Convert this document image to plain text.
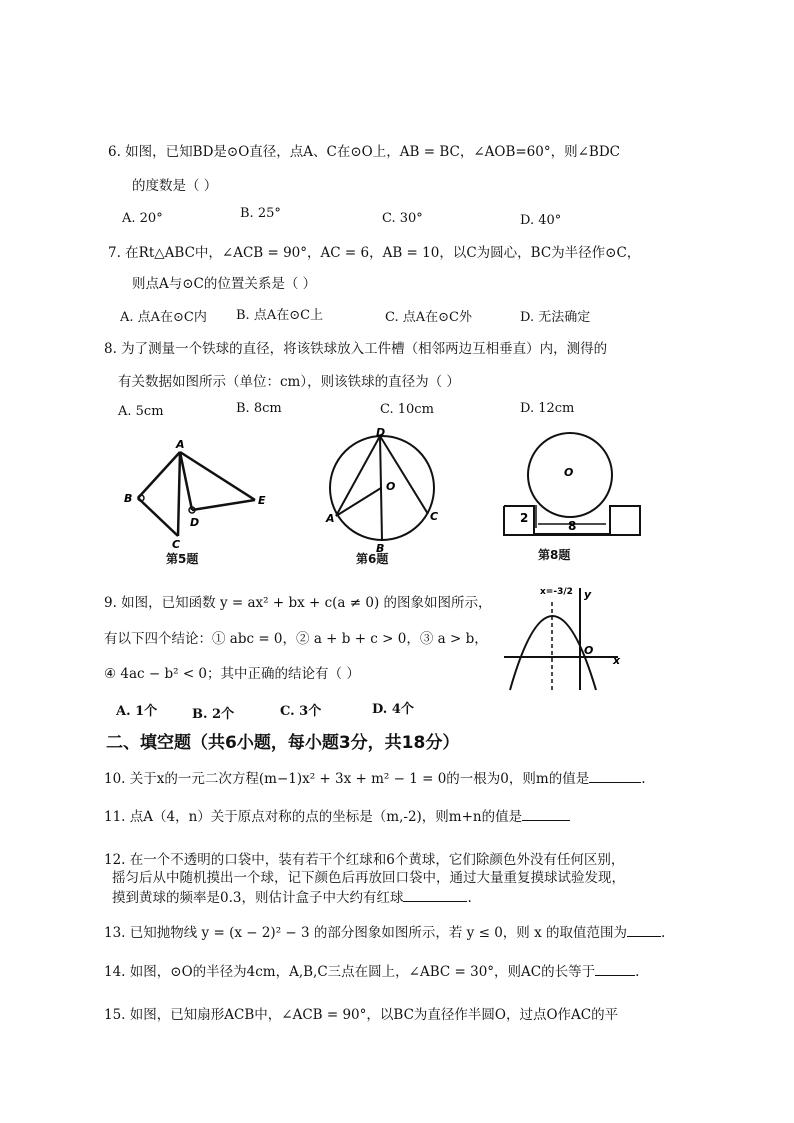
6. 如图，已知BD是⊙O直径，点A、C在⊙O上，AB = BC，∠AOB=60°，则∠BDC
的度数是（ ）
A. 20°	B. 25°	C. 30°	D. 40°
7. 在Rt△ABC中，∠ACB = 90°，AC = 6，AB = 10，以C为圆心，BC为半径作⊙C，
则点A与⊙C的位置关系是（ ）
A. 点A在⊙C内 B. 点A在⊙C上	C. 点A在⊙C外	D. 无法确定
8. 为了测量一个铁球的直径，将该铁球放入工件槽（相邻两边互相垂直）内，测得的
有关数据如图所示（单位：cm），则该铁球的直径为（ ）
A. 5cm	B. 8cm	C. 10cm	D. 12cm
A
B
C
D
E
第5题
D
O
A
B
C
第6题
O
2
8
第8题
9. 如图，已知函数 y = ax² + bx + c(a ≠ 0) 的图象如图所示，
有以下四个结论：① abc = 0，② a + b + c > 0，③ a > b，
④ 4ac − b² < 0；其中正确的结论有（ ）
A. 1个	B. 2个	C. 3个	D. 4个
x=-3/2 y
O
x
二、填空题（共6小题，每小题3分，共18分）
10. 关于x的一元二次方程(m−1)x² + 3x + m² − 1 = 0的一根为0，则m的值是	.
11. 点A（4，n）关于原点对称的点的坐标是（m,-2)，则m+n的值是
12. 在一个不透明的口袋中，装有若干个红球和6个黄球，它们除颜色外没有任何区别，
摇匀后从中随机摸出一个球，记下颜色后再放回口袋中，通过大量重复摸球试验发现，
摸到黄球的频率是0.3，则估计盒子中大约有红球	.
13. 已知抛物线 y = (x − 2)² − 3 的部分图象如图所示，若 y ≤ 0，则 x 的取值范围为	.
14. 如图，⊙O的半径为4cm，A,B,C三点在圆上，∠ABC = 30°，则AC的长等于	.
15. 如图，已知扇形ACB中，∠ACB = 90°，以BC为直径作半圆O，过点O作AC的平
